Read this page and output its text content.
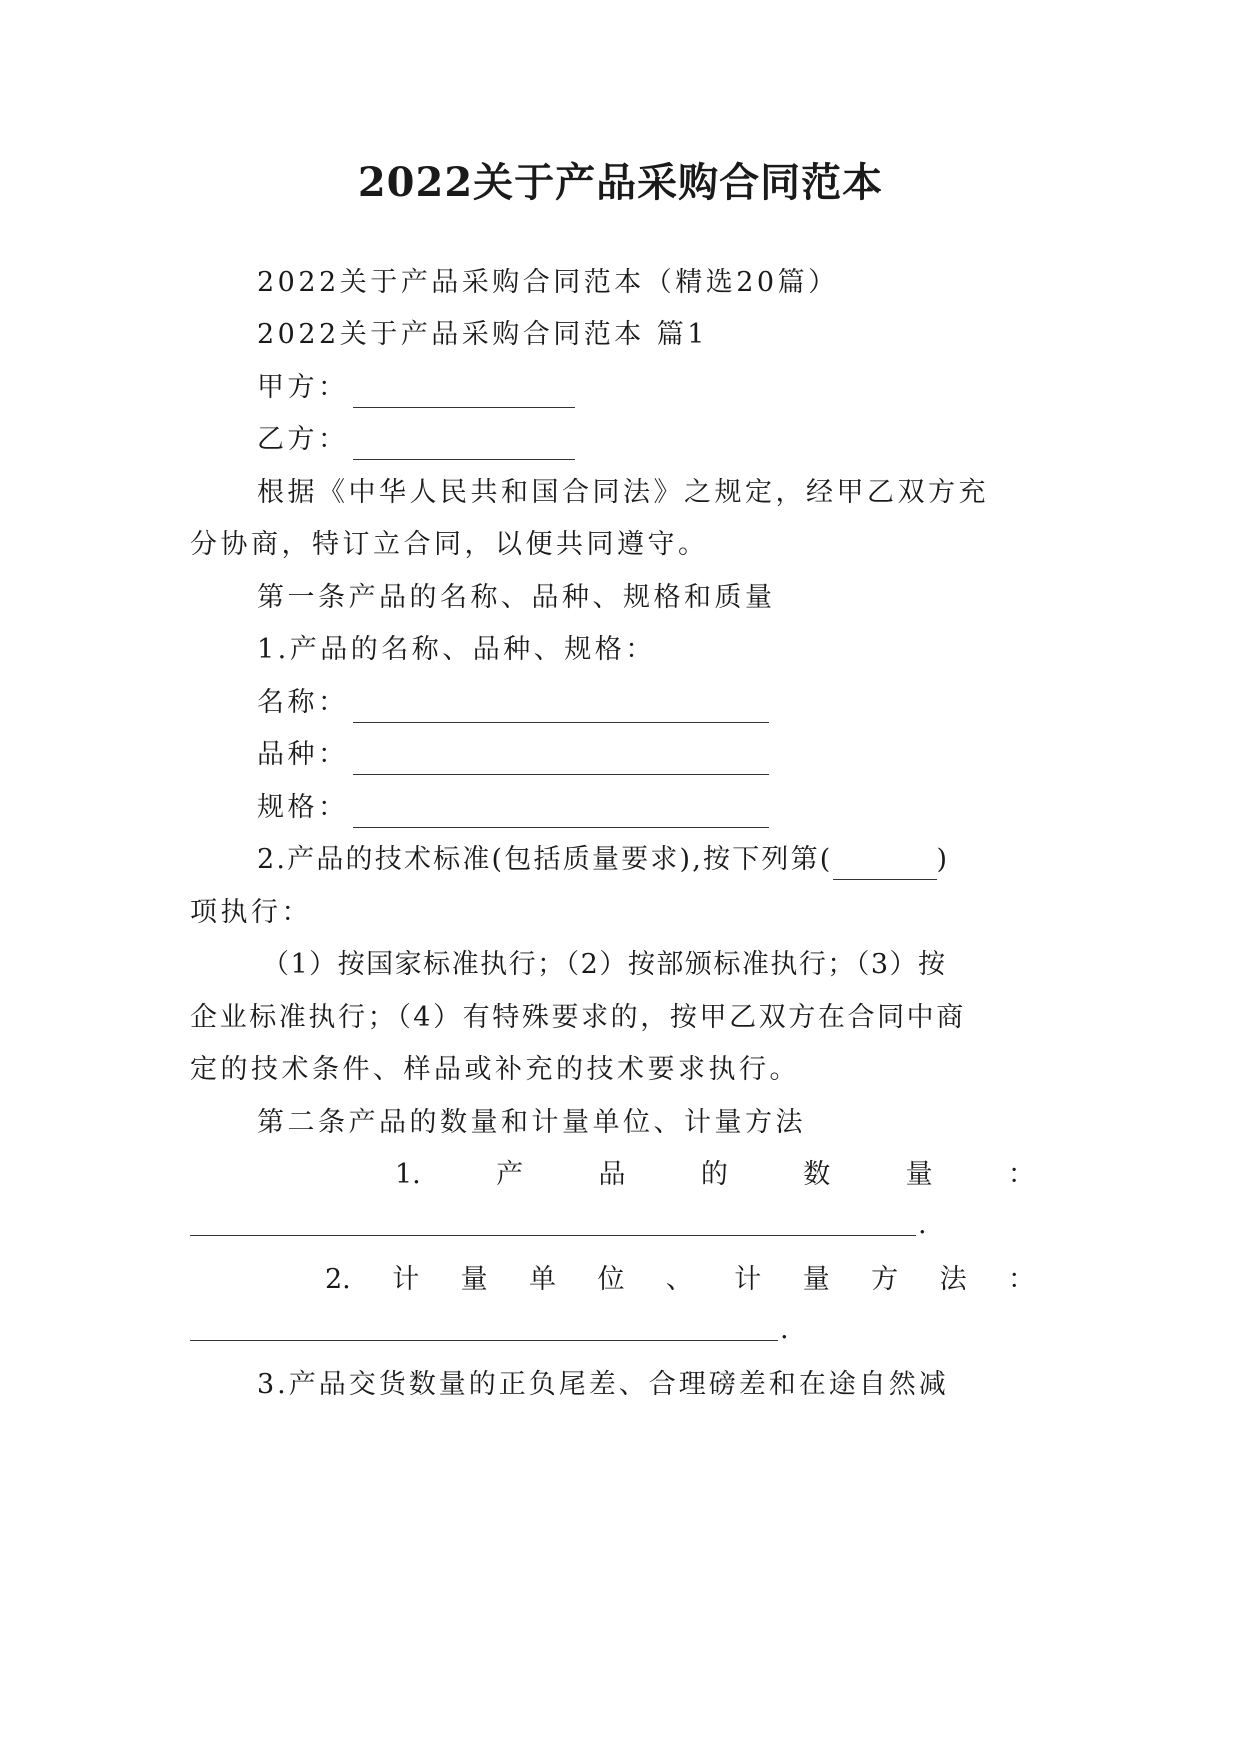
2022关于产品采购合同范本
2022关于产品采购合同范本（精选20篇）
2022关于产品采购合同范本 篇1
甲方：
乙方：
根据《中华人民共和国合同法》之规定，经甲乙双方充
分协商，特订立合同，以便共同遵守。
第一条产品的名称、品种、规格和质量
1.产品的名称、品种、规格：
名称：
品种：
规格：
2.产品的技术标准(包括质量要求),按下列第(	)
项执行：
（1）按国家标准执行；（2）按部颁标准执行；（3）按
企业标准执行；（4）有特殊要求的，按甲乙双方在合同中商
定的技术条件、样品或补充的技术要求执行。
第二条产品的数量和计量单位、计量方法
1.	产	品	的	数	量	：
.
2. 计 量 单 位 、 计 量 方 法 ：
.
3.产品交货数量的正负尾差、合理磅差和在途自然减
